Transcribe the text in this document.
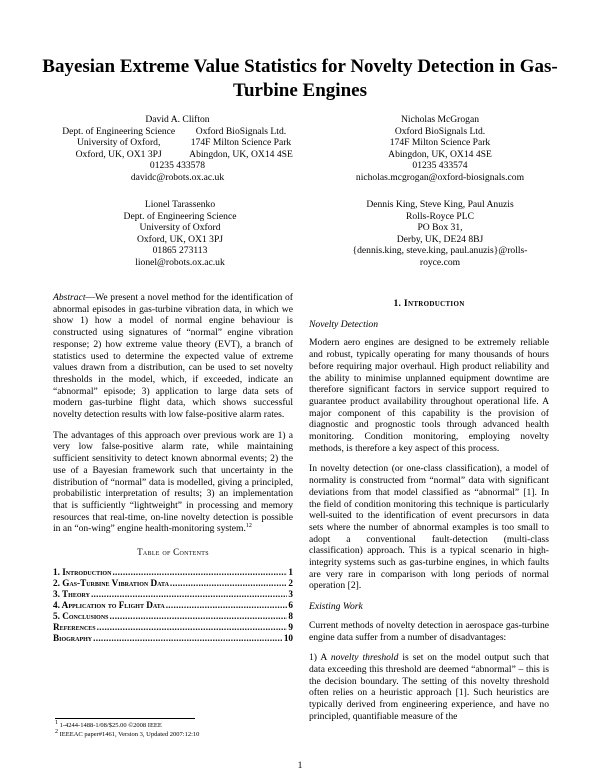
Bayesian Extreme Value Statistics for Novelty Detection in Gas-Turbine Engines
David A. Clifton
Dept. of Engineering Science
University of Oxford,
Oxford, UK, OX1 3PJ
Oxford BioSignals Ltd.
174F Milton Science Park
Abingdon, UK, OX14 4SE
01235 433578
davidc@robots.ox.ac.uk
Nicholas McGrogan
Oxford BioSignals Ltd.
174F Milton Science Park
Abingdon, UK, OX14 4SE
01235 433574
nicholas.mcgrogan@oxford-biosignals.com
Lionel Tarassenko
Dept. of Engineering Science
University of Oxford
Oxford, UK, OX1 3PJ
01865 273113
lionel@robots.ox.ac.uk
Dennis King, Steve King, Paul Anuzis
Rolls-Royce PLC
PO Box 31,
Derby, UK, DE24 8BJ
{dennis.king, steve.king, paul.anuzis}@rolls-
royce.com

Abstract—We present a novel method for the identification of abnormal episodes in gas-turbine vibration data, in which we show 1) how a model of normal engine behaviour is constructed using signatures of “normal” engine vibration response; 2) how extreme value theory (EVT), a branch of statistics used to determine the expected value of extreme values drawn from a distribution, can be used to set novelty thresholds in the model, which, if exceeded, indicate an “abnormal” episode; 3) application to large data sets of modern gas-turbine flight data, which shows successful novelty detection results with low false-positive alarm rates.

The advantages of this approach over previous work are 1) a very low false-positive alarm rate, while maintaining sufficient sensitivity to detect known abnormal events; 2) the use of a Bayesian framework such that uncertainty in the distribution of “normal” data is modelled, giving a principled, probabilistic interpretation of results; 3) an implementation that is sufficiently “lightweight” in processing and memory resources that real-time, on-line novelty detection is possible in an “on-wing” engine health-monitoring system.$^{12}$

Table of Contents
1. Introduction .....	1
2. Gas-Turbine Vibration Data .....	2
3. Theory .....	3
4. Application to Flight Data .....	6
5. Conclusions .....	8
References .....	9
Biography .....	10
1. Introduction
Novelty Detection

Modern aero engines are designed to be extremely reliable and robust, typically operating for many thousands of hours before requiring major overhaul. High product reliability and the ability to minimise unplanned equipment downtime are therefore significant factors in service support required to guarantee product availability throughout operational life. A major component of this capability is the provision of diagnostic and prognostic tools through advanced health monitoring. Condition monitoring, employing novelty methods, is therefore a key aspect of this process.

In novelty detection (or one-class classification), a model of normality is constructed from “normal” data with significant deviations from that model classified as “abnormal” [1]. In the field of condition monitoring this technique is particularly well-suited to the identification of event precursors in data sets where the number of abnormal examples is too small to adopt a conventional fault-detection (multi-class classification) approach. This is a typical scenario in high-integrity systems such as gas-turbine engines, in which faults are very rare in comparison with long periods of normal operation [2].

Existing Work

Current methods of novelty detection in aerospace gas-turbine engine data suffer from a number of disadvantages:

1) A novelty threshold is set on the model output such that data exceeding this threshold are deemed “abnormal” – this is the decision boundary. The setting of this novelty threshold often relies on a heuristic approach [1]. Such heuristics are typically derived from engineering experience, and have no principled, quantifiable measure of the

$^1$ 1-4244-1488-1/08/$25.00 ©2008 IEEE
$^2$ IEEEAC paper#1461, Version 3, Updated 2007:12:10
1
